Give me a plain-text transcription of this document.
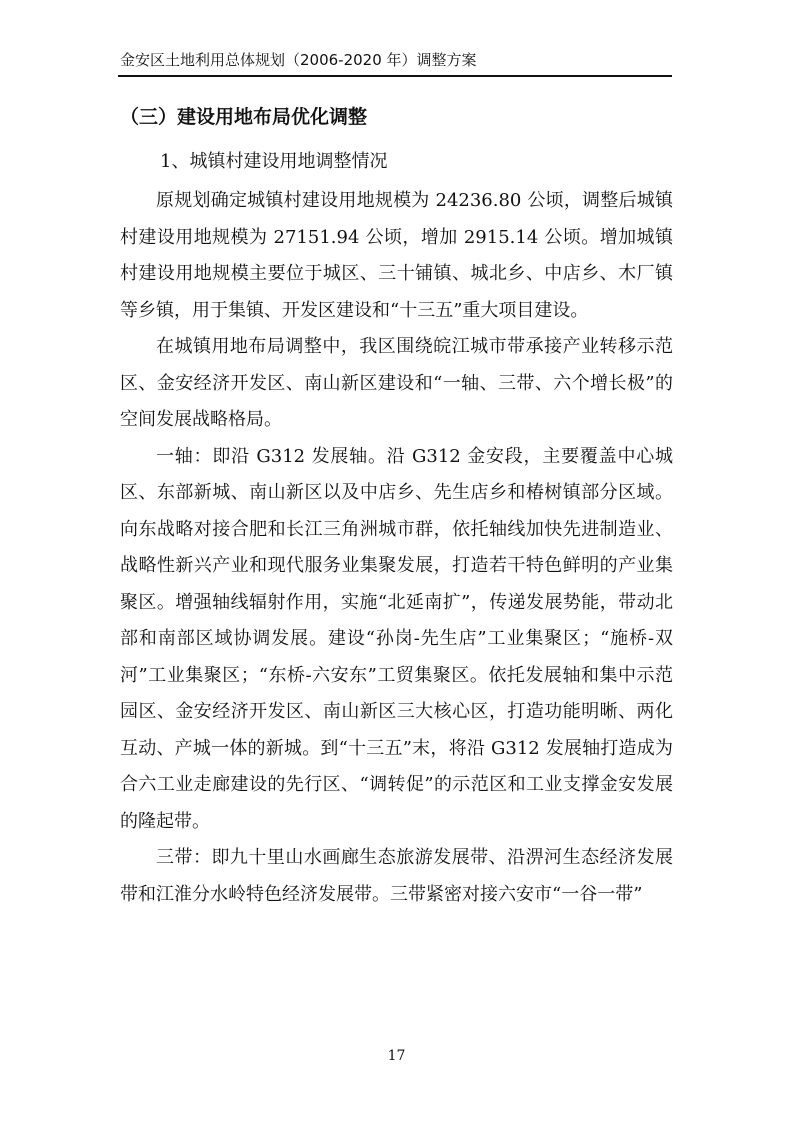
金安区土地利用总体规划（2006-2020 年）调整方案
（三）建设用地布局优化调整
1、城镇村建设用地调整情况

原规划确定城镇村建设用地规模为 24236.80 公顷，调整后城镇村建设用地规模为 27151.94 公顷，增加 2915.14 公顷。增加城镇村建设用地规模主要位于城区、三十铺镇、城北乡、中店乡、木厂镇等乡镇，用于集镇、开发区建设和“十三五”重大项目建设。

在城镇用地布局调整中，我区围绕皖江城市带承接产业转移示范区、金安经济开发区、南山新区建设和“一轴、三带、六个增长极”的空间发展战略格局。

一轴：即沿 G312 发展轴。沿 G312 金安段，主要覆盖中心城区、东部新城、南山新区以及中店乡、先生店乡和椿树镇部分区域。向东战略对接合肥和长江三角洲城市群，依托轴线加快先进制造业、战略性新兴产业和现代服务业集聚发展，打造若干特色鲜明的产业集聚区。增强轴线辐射作用，实施“北延南扩”，传递发展势能，带动北部和南部区域协调发展。建设“孙岗-先生店”工业集聚区；“施桥-双河”工业集聚区；“东桥-六安东”工贸集聚区。依托发展轴和集中示范园区、金安经济开发区、南山新区三大核心区，打造功能明晰、两化互动、产城一体的新城。到“十三五”末，将沿 G312 发展轴打造成为合六工业走廊建设的先行区、“调转促”的示范区和工业支撑金安发展的隆起带。

三带：即九十里山水画廊生态旅游发展带、沿淠河生态经济发展带和江淮分水岭特色经济发展带。三带紧密对接六安市“一谷一带”

17
